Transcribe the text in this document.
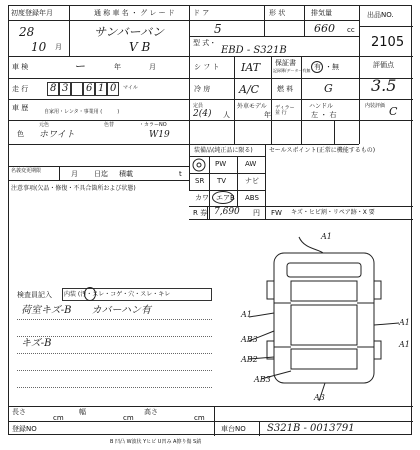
初度登録年月
28
10 月
通 称 車 名 ・ グ レ ー ド
サンバーバン
V B
ド ア
5
形 状	排気量
660 cc
型 式・
EBD - S321B
出品NO.
2105
車 検	ー	年	月
走 行 8 3 6 1 0 マイル
シ フ ト IAT
冷 房	A/C
保証書
記録簿/データー有無 有 ・無
燃 料	G
評価点
3.5
車 歴	自家用・レンタ・事業用 (　　　)
定員
2(4) 人
外車モデル
年
ディラー並 行
ハンドル
左 ・ 右
内装評価 C
色
元色
ホワイト
色替	・カラーNO
W19
名義変更期限	月 日迄 積載	t
注意事項(欠品・修復・不具合箇所および状態)
装備品(純正品に限る)	セールスポイント(正常に機能するもの)
PW	AW
SR TV	ナビ
カワ エアB ABS
R 券 7,690 円 FW キズ・ヒビ割・リペア跡・X 要
検査員記入 内装 (汚・スレ・コゲ・穴・スレ・キレ
荷室キズ-B　　カバーハン有
キズ-B
A1
A1
AB3
AB2
AB3
A1
A1
A3
長さ
cm
幅
cm
高さ
cm
登録NO	車台NO S321B - 0013791
B 凹凸 W波状 Yヒビ U凹み A擦り傷 S錆
